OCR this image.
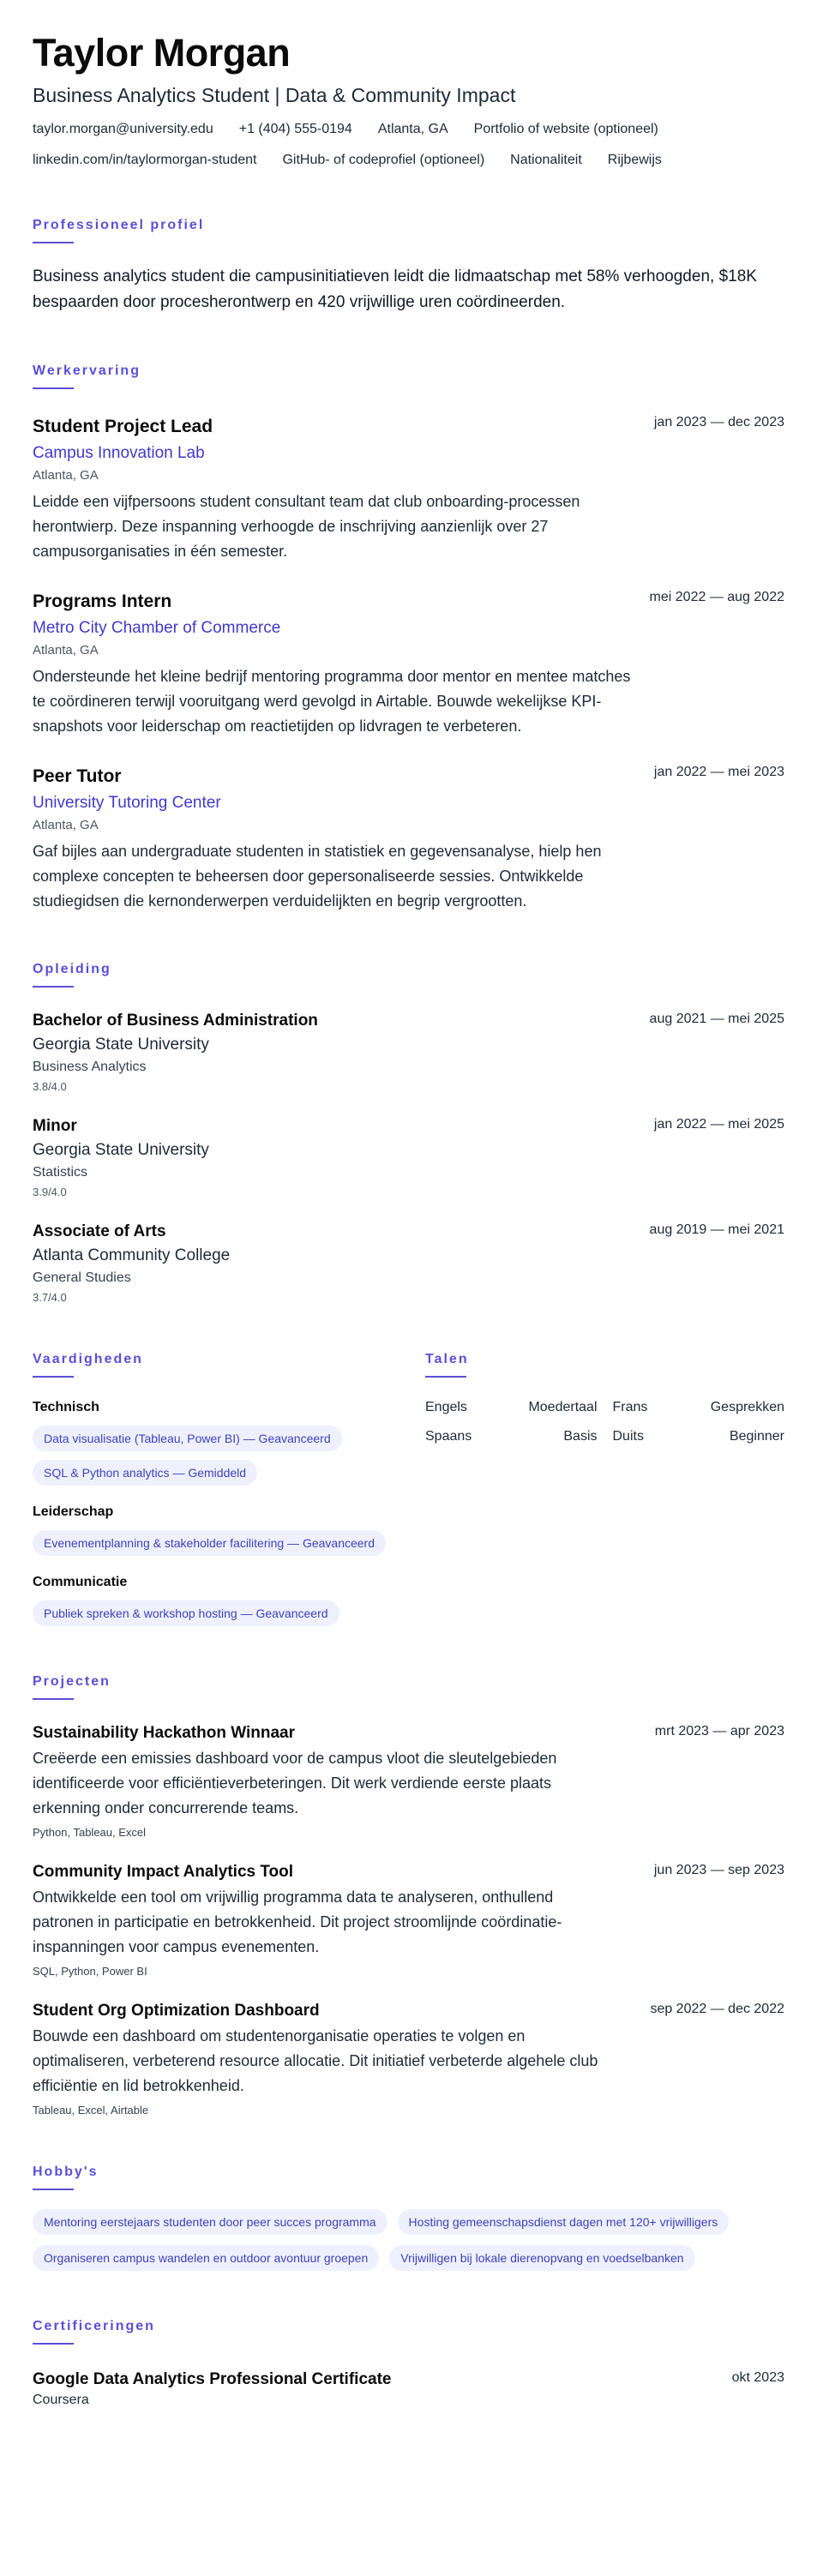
Taylor Morgan
Business Analytics Student | Data & Community Impact
taylor.morgan@university.edu +1 (404) 555-0194 Atlanta, GA Portfolio of website (optioneel)
linkedin.com/in/taylormorgan-student GitHub- of codeprofiel (optioneel) Nationaliteit Rijbewijs
Professioneel profiel

Business analytics student die campusinitiatieven leidt die lidmaatschap met 58% verhoogden, $18K bespaarden door procesherontwerp en 420 vrijwillige uren coördineerden.

Werkervaring
jan 2023 — dec 2023
Student Project Lead
Campus Innovation Lab
Atlanta, GA

Leidde een vijfpersoons student consultant team dat club onboarding-processen herontwierp. Deze inspanning verhoogde de inschrijving aanzienlijk over 27 campusorganisaties in één semester.

mei 2022 — aug 2022
Programs Intern
Metro City Chamber of Commerce
Atlanta, GA

Ondersteunde het kleine bedrijf mentoring programma door mentor en mentee matches te coördineren terwijl vooruitgang werd gevolgd in Airtable. Bouwde wekelijkse KPI-snapshots voor leiderschap om reactietijden op lidvragen te verbeteren.

jan 2022 — mei 2023
Peer Tutor
University Tutoring Center
Atlanta, GA

Gaf bijles aan undergraduate studenten in statistiek en gegevensanalyse, hielp hen complexe concepten te beheersen door gepersonaliseerde sessies. Ontwikkelde studiegidsen die kernonderwerpen verduidelijkten en begrip vergrootten.

Opleiding
aug 2021 — mei 2025
Bachelor of Business Administration
Georgia State University
Business Analytics
3.8/4.0
jan 2022 — mei 2025
Minor
Georgia State University
Statistics
3.9/4.0
aug 2019 — mei 2021
Associate of Arts
Atlanta Community College
General Studies
3.7/4.0
Vaardigheden
Technisch
Data visualisatie (Tableau, Power BI) — Geavanceerd
SQL & Python analytics — Gemiddeld
Leiderschap
Evenementplanning & stakeholder facilitering — Geavanceerd
Communicatie
Publiek spreken & workshop hosting — Geavanceerd
Talen
Engels	Moedertaal Frans	Gesprekken
Spaans	Basis Duits	Beginner
Projecten
mrt 2023 — apr 2023
Sustainability Hackathon Winnaar

Creëerde een emissies dashboard voor de campus vloot die sleutelgebieden identificeerde voor efficiëntieverbeteringen. Dit werk verdiende eerste plaats erkenning onder concurrerende teams.

Python, Tableau, Excel
jun 2023 — sep 2023
Community Impact Analytics Tool

Ontwikkelde een tool om vrijwillig programma data te analyseren, onthullend patronen in participatie en betrokkenheid. Dit project stroomlijnde coördinatie-inspanningen voor campus evenementen.

SQL, Python, Power BI
sep 2022 — dec 2022
Student Org Optimization Dashboard

Bouwde een dashboard om studentenorganisatie operaties te volgen en optimaliseren, verbeterend resource allocatie. Dit initiatief verbeterde algehele club efficiëntie en lid betrokkenheid.

Tableau, Excel, Airtable
Hobby's
Mentoring eerstejaars studenten door peer succes programma	Hosting gemeenschapsdienst dagen met 120+ vrijwilligers
Organiseren campus wandelen en outdoor avontuur groepen	Vrijwilligen bij lokale dierenopvang en voedselbanken
Certificeringen
okt 2023
Google Data Analytics Professional Certificate
Coursera
